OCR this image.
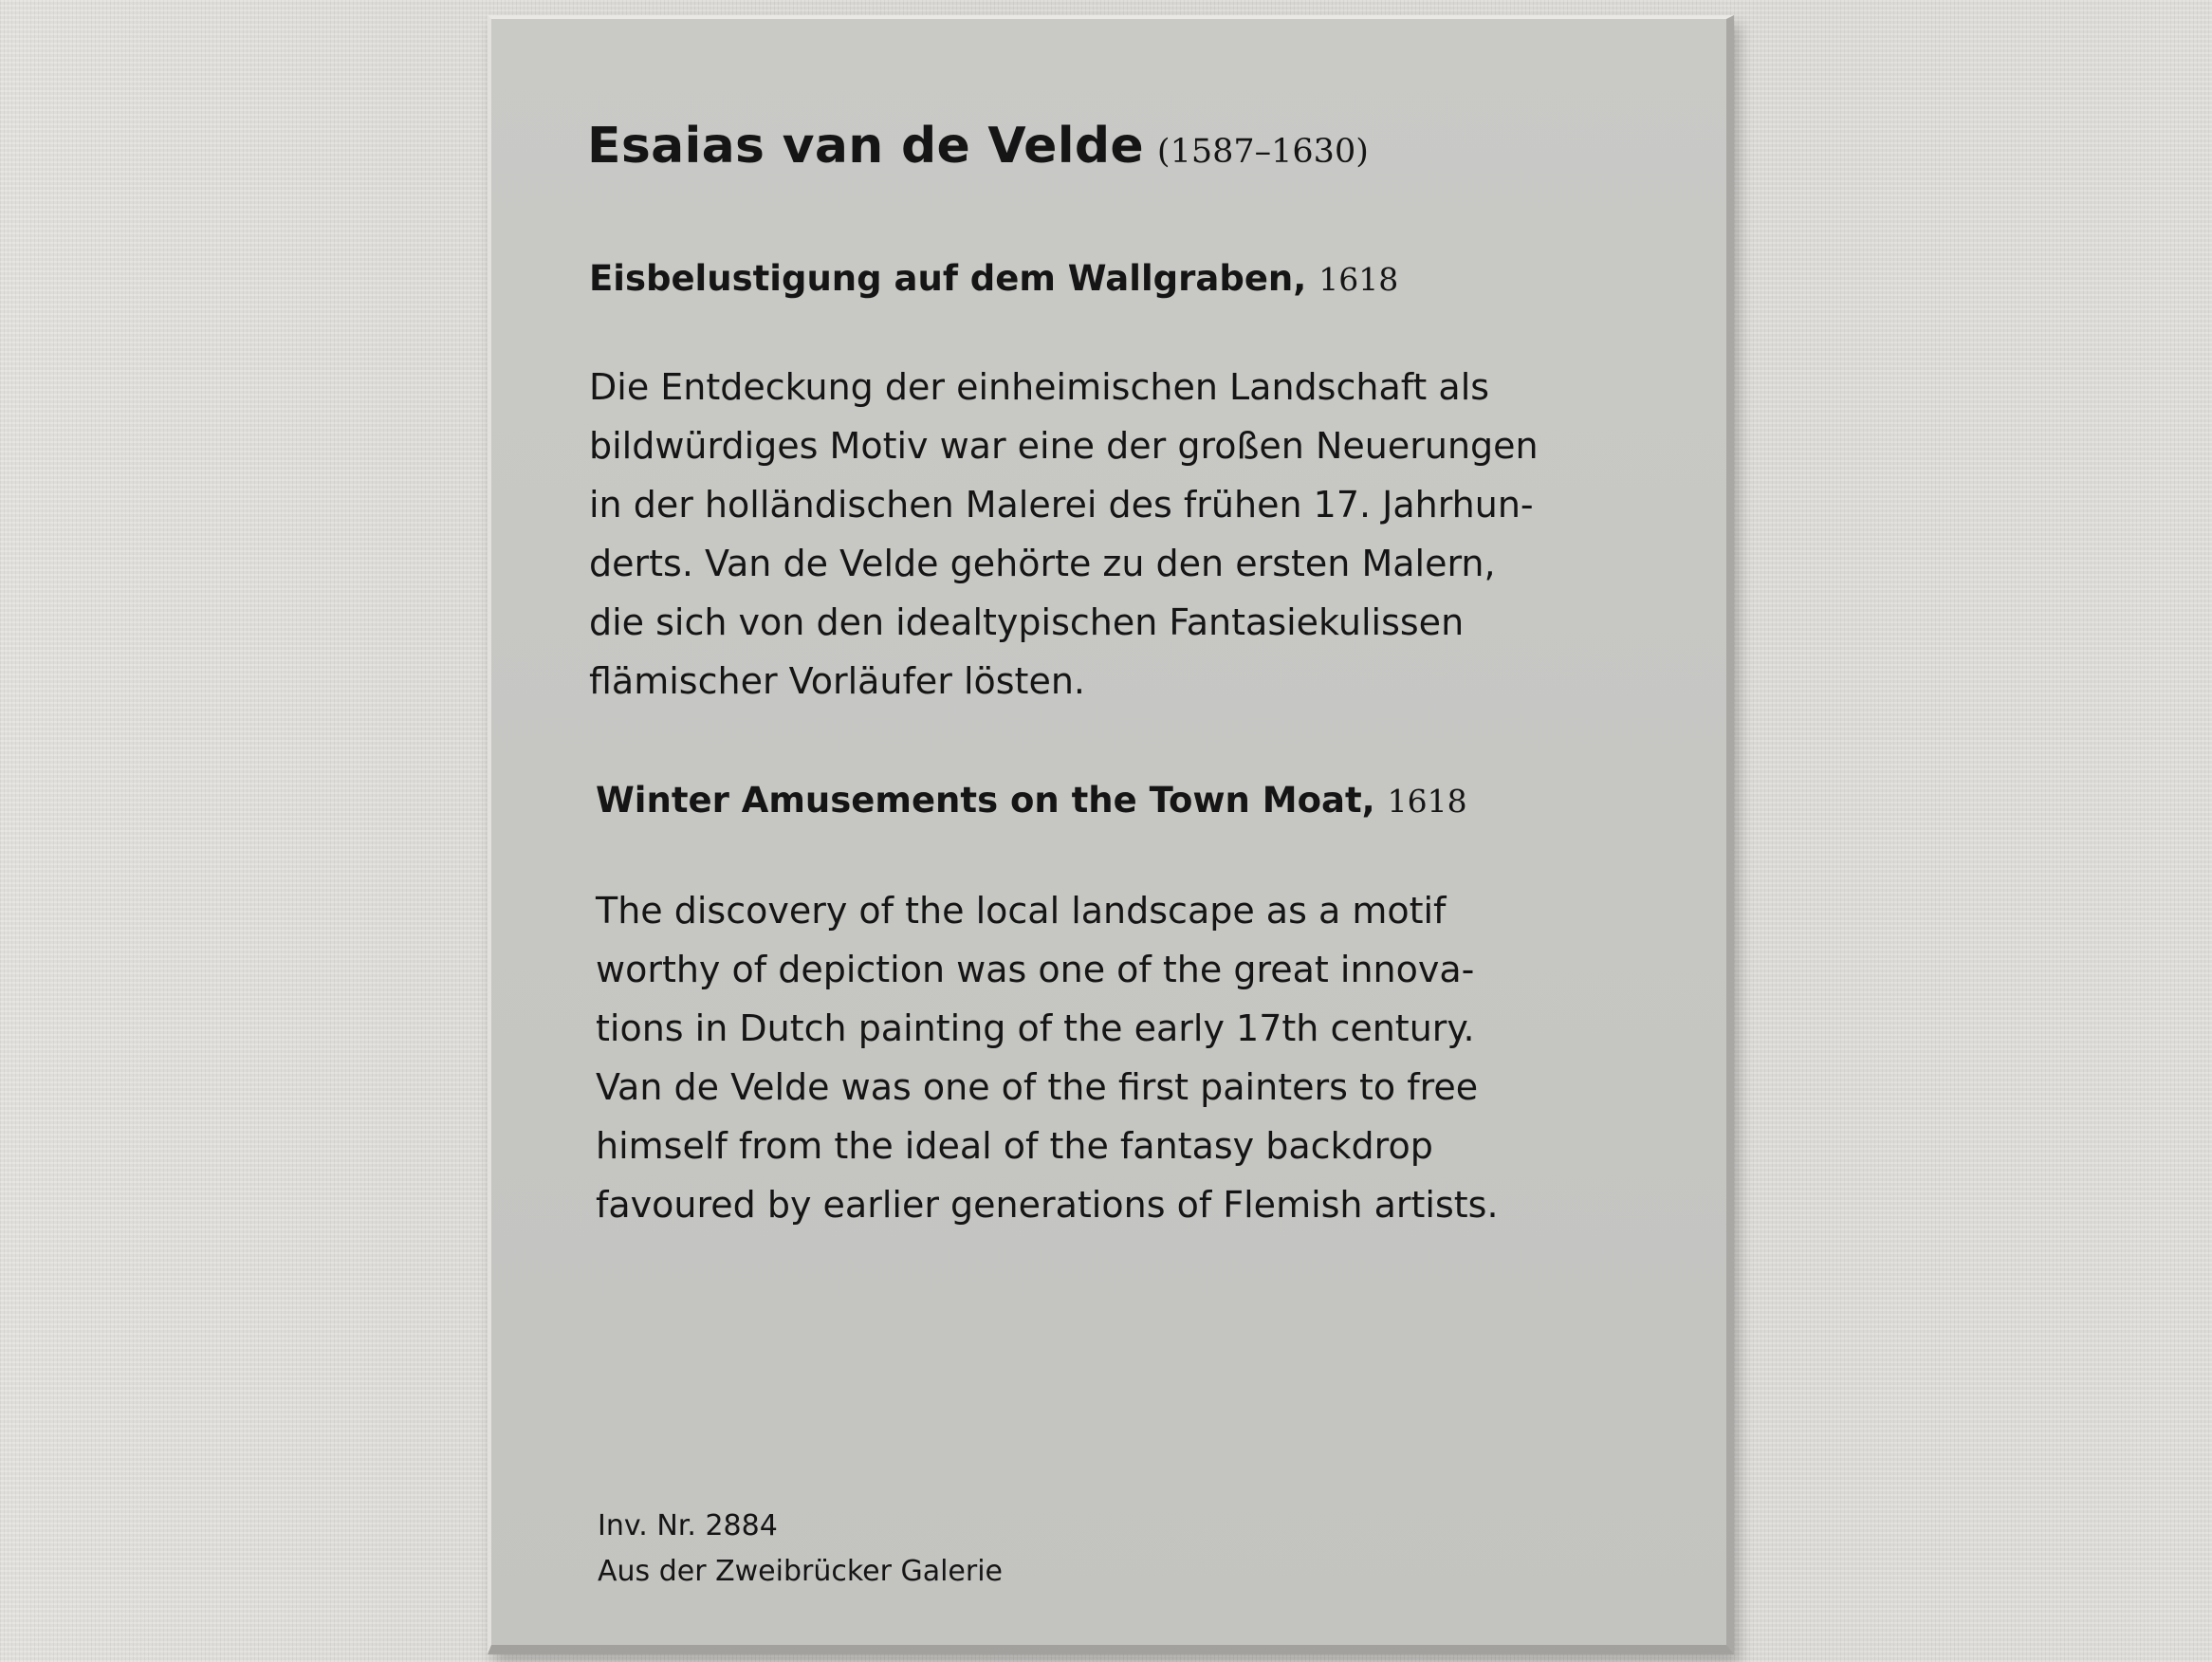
Esaias van de Velde (1587–1630)
Eisbelustigung auf dem Wallgraben, 1618
Die Entdeckung der einheimischen Landschaft als
bildwürdiges Motiv war eine der großen Neuerungen
in der holländischen Malerei des frühen 17. Jahrhun-
derts. Van de Velde gehörte zu den ersten Malern,
die sich von den idealtypischen Fantasiekulissen
flämischer Vorläufer lösten.
Winter Amusements on the Town Moat, 1618
The discovery of the local landscape as a motif
worthy of depiction was one of the great innova-
tions in Dutch painting of the early 17th century.
Van de Velde was one of the first painters to free
himself from the ideal of the fantasy backdrop
favoured by earlier generations of Flemish artists.
Inv. Nr. 2884
Aus der Zweibrücker Galerie
